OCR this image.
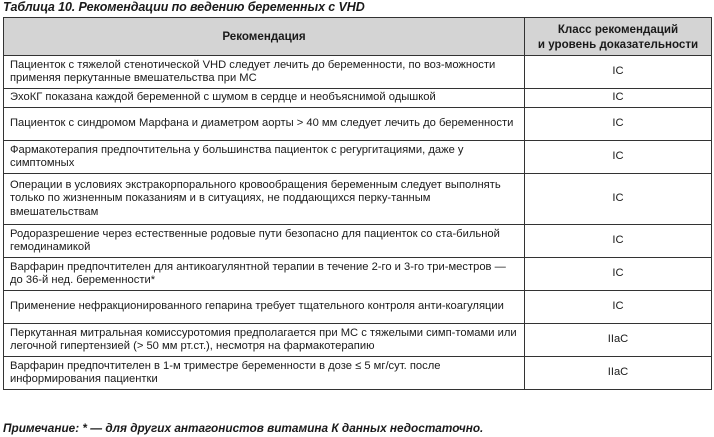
Таблица 10. Рекомендации по ведению беременных с VHD
Рекомендация	Класс рекомендаций
и уровень доказательности
Пациенток с тяжелой стенотической VHD следует лечить до беременности, по воз-можности применяя перкутанные вмешательства при МС	IC
ЭхоКГ показана каждой беременной с шумом в сердце и необъяснимой одышкой	IC
Пациенток с синдромом Марфана и диаметром аорты > 40 мм следует лечить до беременности	IC
Фармакотерапия предпочтительна у большинства пациенток с регургитациями, даже у симптомных	IC
Операции в условиях экстракорпорального кровообращения беременным следует выполнять только по жизненным показаниям и в ситуациях, не поддающихся перку-танным вмешательствам	IC
Родоразрешение через естественные родовые пути безопасно для пациенток со ста-бильной гемодинамикой	IC
Варфарин предпочтителен для антикоагулянтной терапии в течение 2-го и 3-го три-местров — до 36-й нед. беременности*	IC
Применение нефракционированного гепарина требует тщательного контроля анти-коагуляции	IC
Перкутанная митральная комиссуротомия предполагается при МС с тяжелыми симп-томами или легочной гипертензией (> 50 мм рт.ст.), несмотря на фармакотерапию	IIaC
Варфарин предпочтителен в 1-м триместре беременности в дозе ≤ 5 мг/сут. после информирования пациентки	IIaC
Примечание: * — для других антагонистов витамина К данных недостаточно.
